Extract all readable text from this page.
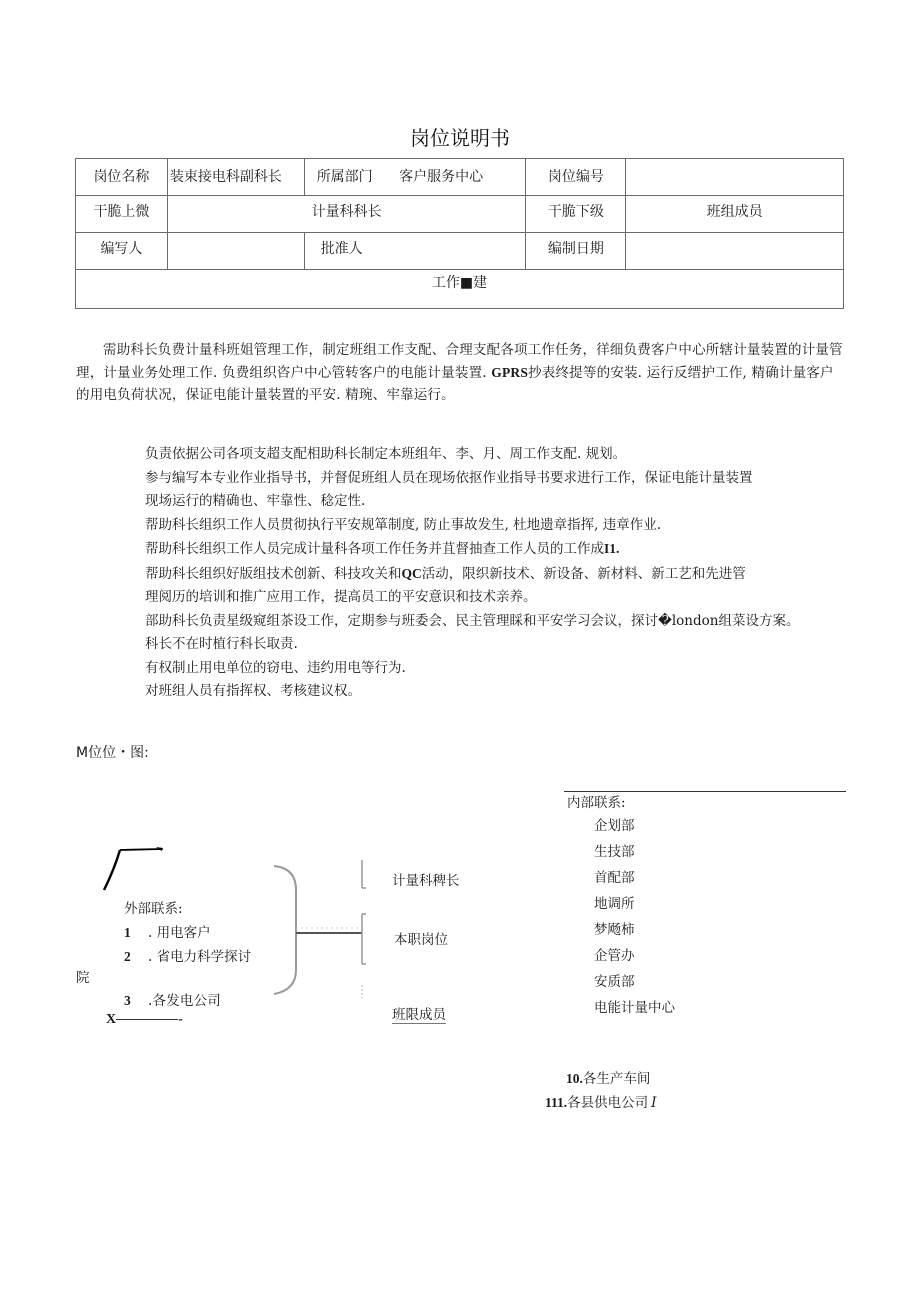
岗位说明书
岗位名称	装束接电科副科长	所属部门 客户服务中心	岗位编号	
干脆上微	计量科科长		干脆下级	班组成员
编写人		批准人	编制日期	
工作■建				
需助科长负费计量科班姐管理工作，制定班组工作支配、合理支配各项工作任务，徉细负费客户中心所辖计量装置的计量管理，计量业务处理工作. 负费组织咨户中心管转客户的电能计量装置. GPRS抄表终提等的安装. 运行反缙护工作, 精确计量客户的用电负荷状况，保证电能计量装置的平安. 精琬、牢靠运行。
负责依据公司各项支超支配相助科长制定本班组年、李、月、周工作支配. 规划。
参与编写本专业作业指导书，并督促班组人员在现场依抠作业指导书要求进行工作，保证电能计量装置
现场运行的精确也、牢靠性、稔定性.
帮助科长组织工作人员贯彻执行平安规箪制度, 防止事故发生, 杜地遗章指挥, 违章作业.
帮助科长组织工作人员完成计量科各项工作任务并苴督抽查工作人员的工作成I1.
帮助科长组织好版组技术创新、科技攻关和QC活动，限织新技术、新设备、新材料、新工艺和先进管
理阅历的培训和推广应用工作，提高员工的平安意识和技术亲养。
部助科长负责星级窥组茶设工作，定期参与班委会、民主管理睬和平安学习会议，探讨�london组菜设方案。
科长不在时植行科长取责.
有权制止用电单位的窃电、违约用电等行为.
对班组人员有指挥权、考核建议权。
M位位・图:
外部联系:
1 . 用电客户
2 . 省电力科学探讨
院
3 .各发电公司
X	-
计量科稗长
本职岗位
班限成员
内部联系:
企划部
生技部
首配部
地调所
梦飏柿
企管办
安质部
电能计量中心
10.各生产车间
111.各县供电公司 I
